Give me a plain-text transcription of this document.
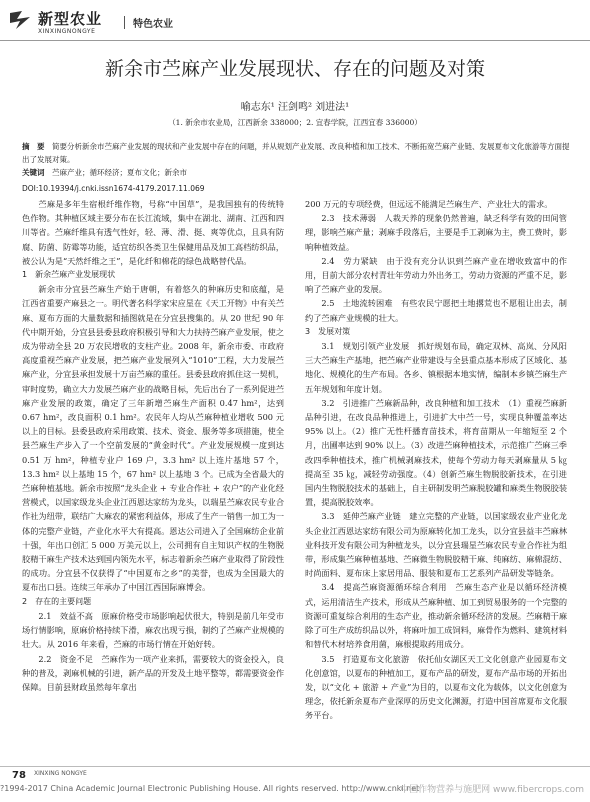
新型农业
XINXINGNONGYE
特色农业
新余市苎麻产业发展现状、存在的问题及对策
喻志东¹ 汪剑鸣² 刘进法¹
（1. 新余市农业局，江西新余 338000；2. 宜春学院，江西宜春 336000）
摘　要　 简要分析新余市苎麻产业发展的现状和产业发展中存在的问题，并从规划产业发展、改良种植和加工技术、不断拓宽苎麻产业链、发展夏布文化旅游等方面提出了发展对策。
关键词　 苎麻产业；循环经济；夏布文化；新余市
DOI:10.19394/j.cnki.issn1674-4179.2017.11.069

苎麻是多年生宿根纤维作物，号称“中国草”，是我国独有的传统特色作物。其种植区域主要分布在长江流域，集中在湖北、湖南、江西和四川等省。苎麻纤维具有透气性好，轻、薄、滑、挺、爽等优点，且具有防腐、防菌、防霉等功能，适宜纺织各类卫生保健用品及加工高档纺织品，被公认为是“天然纤维之王”，是化纤和棉花的绿色战略替代品。

1　新余苎麻产业发展现状

新余市分宜县苎麻生产始于唐朝，有着悠久的种麻历史和底蕴，是江西省重要产麻县之一。明代著名科学家宋应星在《天工开物》中有关苎麻、夏布方面的大量数据和插图就是在分宜县搜集的。从 20 世纪 90 年代中期开始，分宜县县委县政府积极引导和大力扶持苎麻产业发展，使之成为带动全县 20 万农民增收的支柱产业。2008 年，新余市委、市政府高度重视苎麻产业发展，把苎麻产业发展列入“1010”工程，大力发展苎麻产业，分宜县承担发展十万亩苎麻的重任。县委县政府抓住这一契机，审时度势，确立大力发展苎麻产业的战略目标，先后出台了一系列促进苎麻产业发展的政策，确定了三年新增苎麻生产面积 0.47 hm²，达到 0.67 hm²，改良面积 0.1 hm²。农民年人均从苎麻种植业增收 500 元以上的目标。县委县政府采用政策、技术、资金、服务等多项措施，使全县苎麻生产步入了一个空前发展的“黄金时代”。产业发展规模一度到达 0.51 万 hm²，种植专业户 169 户，3.3 hm² 以上连片基地 57 个，13.3 hm² 以上基地 15 个，67 hm² 以上基地 3 个。已成为全省最大的苎麻种植基地。新余市按照“龙头企业 + 专业合作社 + 农户”的产业化经营模式，以国家级龙头企业江西恩达家纺为龙头，以瑞星苎麻农民专业合作社为纽带，联结广大麻农的紧密利益体，形成了生产一销售一加工为一体的完整产业链，产业化水平大有提高。恩达公司进入了全国麻纺企业前十强，年出口创汇 5 000 万美元以上，公司拥有自主知识产权的生物脱胶精干麻生产技术达到国内领先水平，标志着新余苎麻产业取得了阶段性的成功。分宜县不仅获得了“中国夏布之乡”的美誉，也成为全国最大的夏布出口县。连续三年承办了中国江西国际麻博会。

2　存在的主要问题

2.1　效益不高　原麻价格受市场影响起伏很大，特别是前几年受市场行情影响，原麻价格持续下滑，麻农出现亏损，制约了苎麻产业规模的壮大。从 2016 年来看，苎麻的市场行情在开始好转。

2.2　资金不足　苎麻作为一项产业来抓，需要较大的资金投入，良种的普及，剥麻机械的引进，新产品的开发及土地平整等，都需要资金作保障。目前县财政虽然每年拿出

200 万元的专项经费，但远远不能满足苎麻生产、产业壮大的需求。

2.3　技术薄弱　人栽天养的现象仍然普遍，缺乏科学有效的田间管理，影响苎麻产量；剥麻手段落后，主要是手工剥麻为主，费工费时，影响种植效益。

2.4　劳力紧缺　由于没有充分认识到苎麻产业在增收致富中的作用，目前大部分农村青壮年劳动力外出务工，劳动力资源的严重不足，影响了苎麻产业的发展。

2.5　土地流转困难　有些农民宁愿把土地撂荒也不愿租让出去，制约了苎麻产业规模的壮大。

3　发展对策

3.1　规划引领产业发展　抓好规划布局，确定双林、高岚、分风阳三大苎麻生产基地，把苎麻产业带建设与全县重点基本形成了区域化、基地化、规模化的生产布局。各乡、镇根据本地实情，编制本乡镇苎麻生产五年规划和年度计划。

3.2　引进推广苎麻新品种，改良种植和加工技术　（1）重视苎麻新品种引进，在改良品种推进上，引进扩大中苎一号，实现良种覆盖率达 95% 以上。（2）推广无性杆播育苗技术，将育苗期从一年缩短至 2 个月，出圃率达到 90% 以上。（3）改进苎麻种植技术，示范推广苎麻三季改四季种植技术，推广机械剥麻技术，使每个劳动力每天剥麻量从 5 ㎏ 提高至 35 ㎏，减轻劳动强度。（4）创新苎麻生物脱胶新技术，在引进国内生物脱胶技术的基础上，自主研制发明苎麻脱胶罐和麻类生物脱胶装置，提高脱胶效率。

3.3　延伸苎麻产业链　建立完整的产业链，以国家级农业产业化龙头企业江西恩达家纺有限公司为原麻转化加工龙头，以分宜县益丰苎麻林业科技开发有限公司为种植龙头，以分宜县瑞星苎麻农民专业合作社为组带，形成集苎麻种植基地、苎麻微生物脱胶精干麻、纯麻纺、麻棉混纺、时尚面料、夏布床上家居用品、服装和夏布工艺系列产品研发等链条。

3.4　提高苎麻资源循环综合利用　苎麻生态产业是以循环经济模式，运用清洁生产技术，形成从苎麻种植、加工到贸易服务的一个完整的资源可重复综合利用的生态产业，推动新余循环经济的发展。苎麻精干麻除了可生产成纺织品以外，将麻叶加工成饲料，麻骨作为燃料、建筑材料和替代木材培养食用菌，麻根提取药用成分。

3.5　打造夏布文化旅游　依托仙女湖区天工文化创意产业园夏布文化创意馆，以夏布的种植加工，夏布产品的研发，夏布产品市场的开拓出发，以“文化 + 旅游 + 产业”为目的，以夏布文化为载体，以文化创意为理念，依托新余夏布产业深厚的历史文化渊源，打造中国首席夏布文化服务平台。

78 XINXING NONGYE
?1994-2017 China Academic Journal Electronic Publishing House. All rights reserved. http://www.cnki.net
中国作物营养与施肥网 www.fibercrops.com
